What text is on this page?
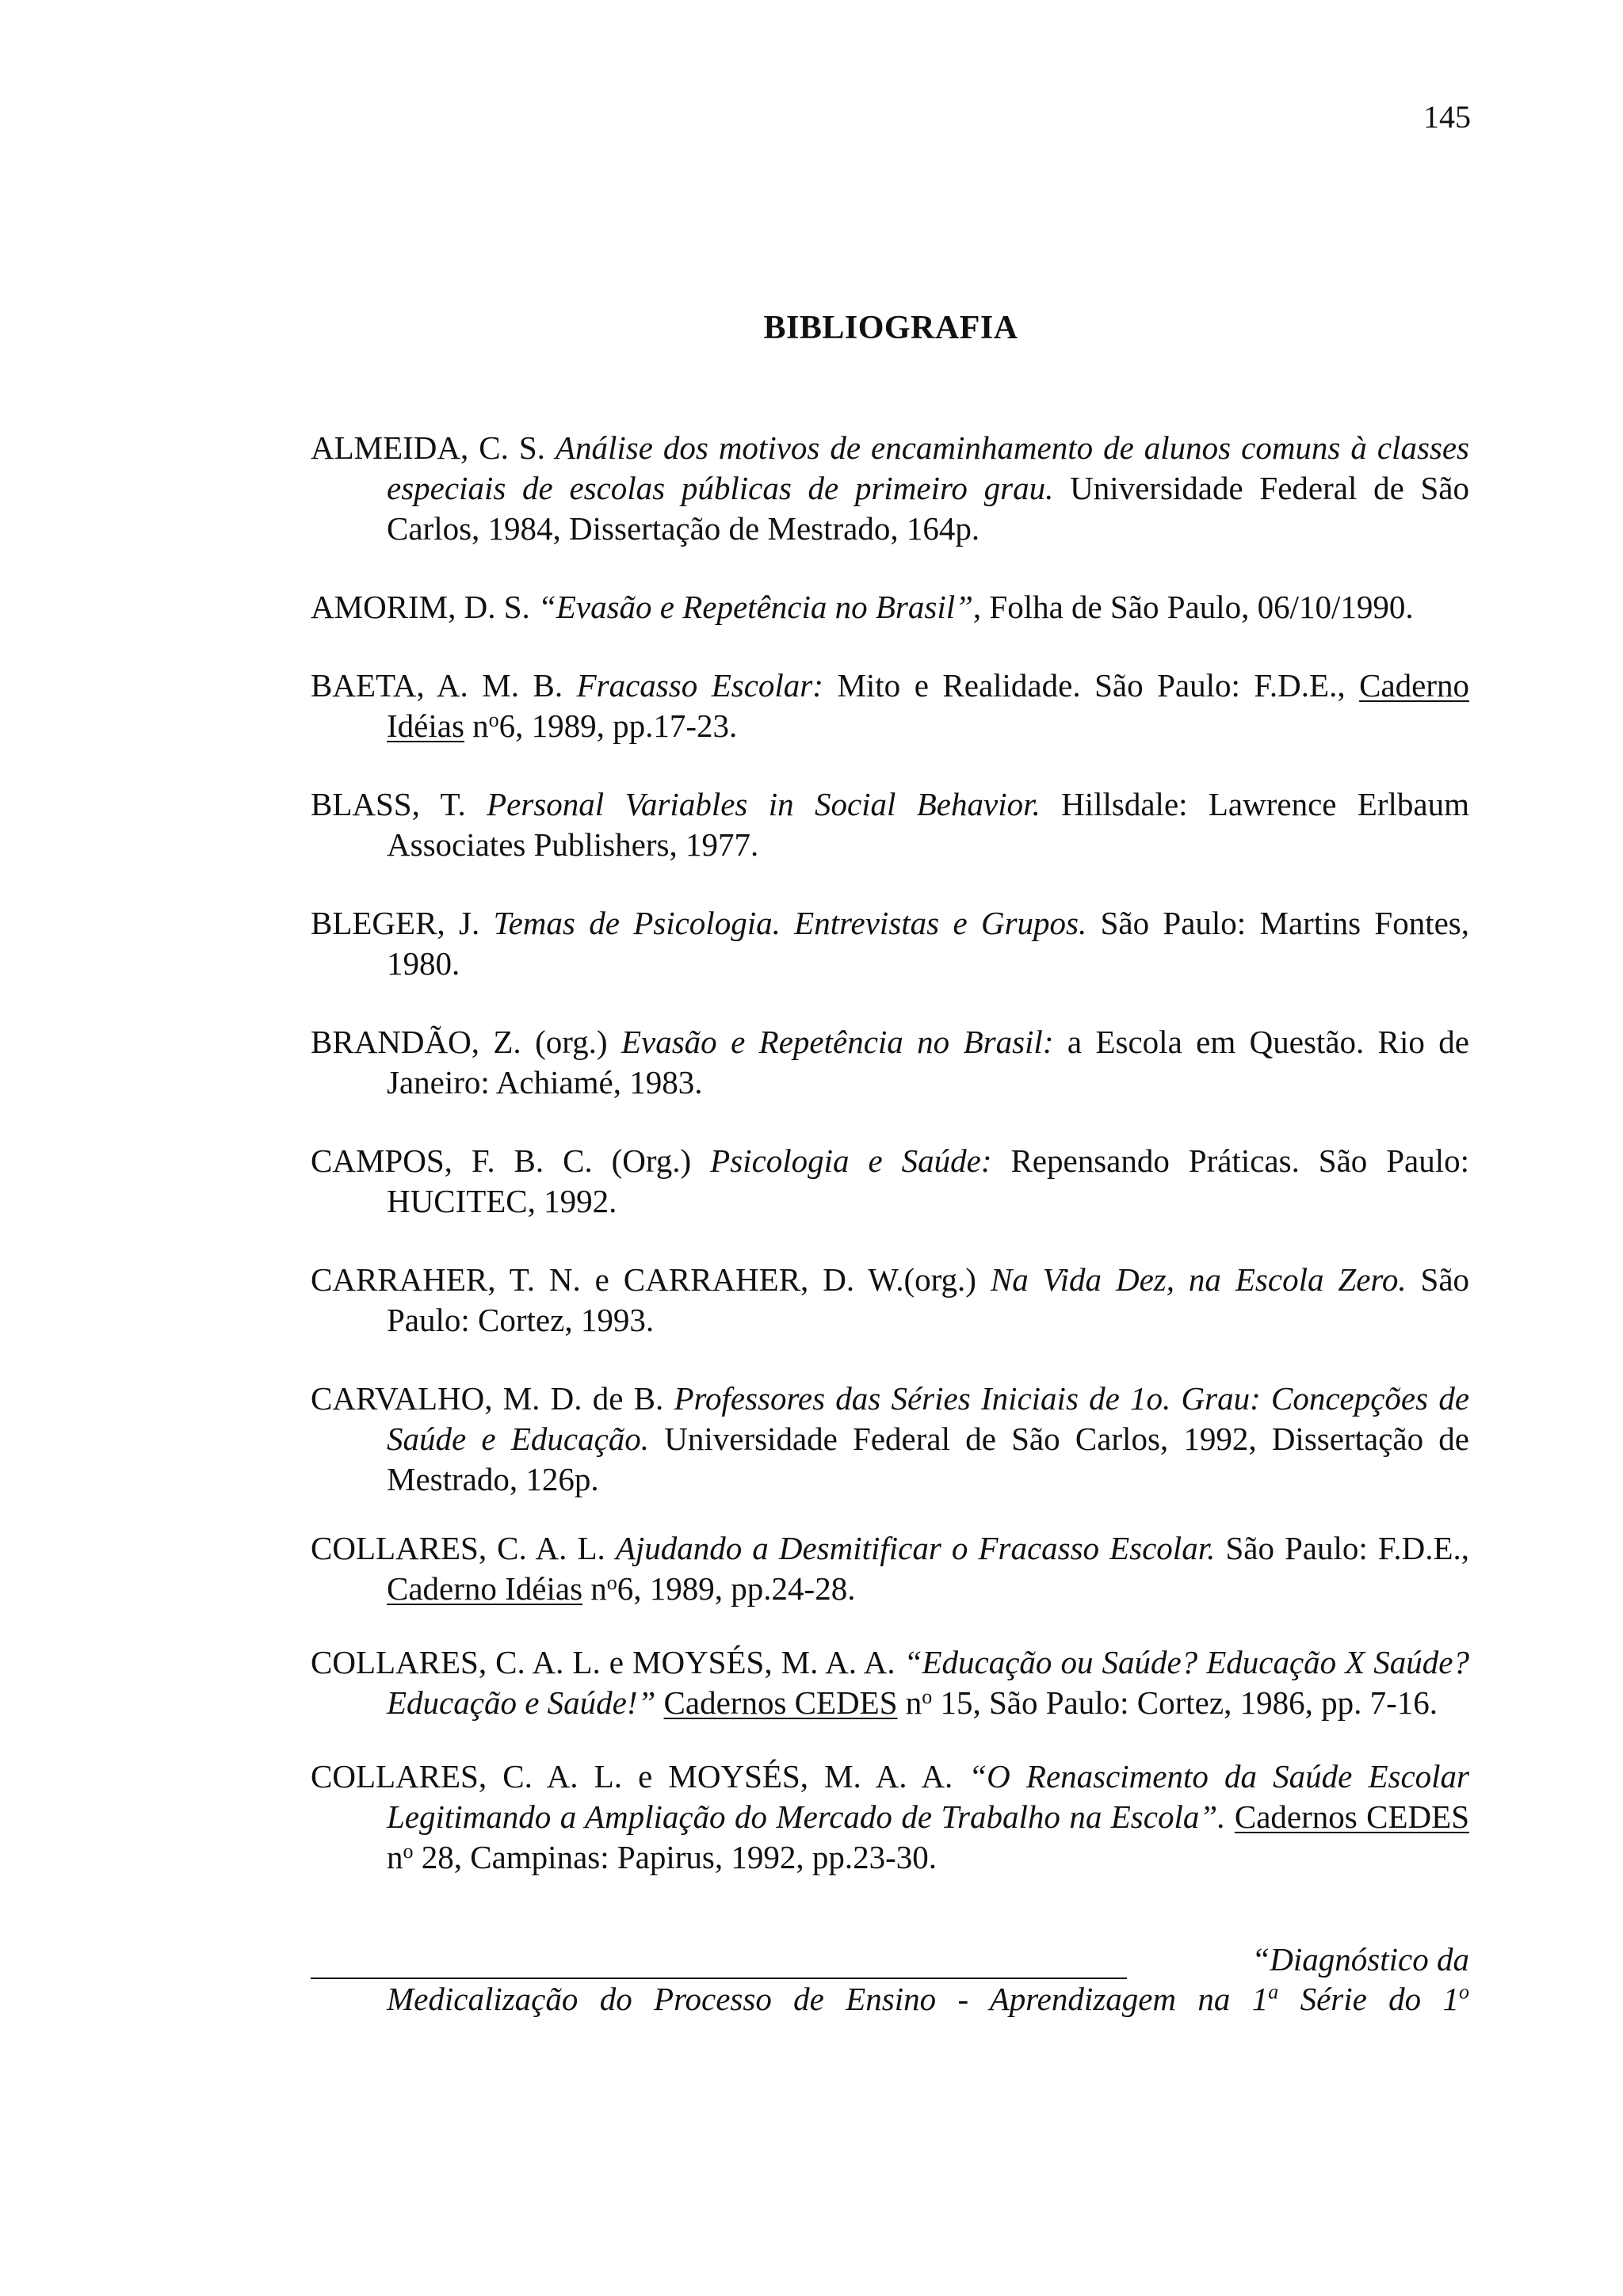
145
BIBLIOGRAFIA

ALMEIDA, C. S. Análise dos motivos de encaminhamento de alunos comuns à classes especiais de escolas públicas de primeiro grau. Universidade Federal de São Carlos, 1984, Dissertação de Mestrado, 164p.

AMORIM, D. S. “Evasão e Repetência no Brasil”, Folha de São Paulo, 06/10/1990.

BAETA, A. M. B. Fracasso Escolar: Mito e Realidade. São Paulo: F.D.E., Caderno Idéias $n^o6$, 1989, pp.17-23.

BLASS, T. Personal Variables in Social Behavior. Hillsdale: Lawrence Erlbaum Associates Publishers, 1977.

BLEGER, J. Temas de Psicologia. Entrevistas e Grupos. São Paulo: Martins Fontes, 1980.

BRANDÃO, Z. (org.) Evasão e Repetência no Brasil: a Escola em Questão. Rio de Janeiro: Achiamé, 1983.

CAMPOS, F. B. C. (Org.) Psicologia e Saúde: Repensando Práticas. São Paulo: HUCITEC, 1992.

CARRAHER, T. N. e CARRAHER, D. W.(org.) Na Vida Dez, na Escola Zero. São Paulo: Cortez, 1993.

CARVALHO, M. D. de B. Professores das Séries Iniciais de 1o. Grau: Concepções de Saúde e Educação. Universidade Federal de São Carlos, 1992, Dissertação de Mestrado, 126p.

COLLARES, C. A. L. Ajudando a Desmitificar o Fracasso Escolar. São Paulo: F.D.E., Caderno Idéias $n^o6$, 1989, pp.24-28.

COLLARES, C. A. L. e MOYSÉS, M. A. A. “Educação ou Saúde? Educação X Saúde? Educação e Saúde!” Cadernos CEDES $n^o$ 15, São Paulo: Cortez, 1986, pp. 7-16.

COLLARES, C. A. L. e MOYSÉS, M. A. A. “O Renascimento da Saúde Escolar Legitimando a Ampliação do Mercado de Trabalho na Escola”. Cadernos CEDES $n^o$ 28, Campinas: Papirus, 1992, pp.23-30.

“Diagnóstico da
Medicalização do Processo de Ensino - Aprendizagem na 1$^a$ Série do 1$^o$
